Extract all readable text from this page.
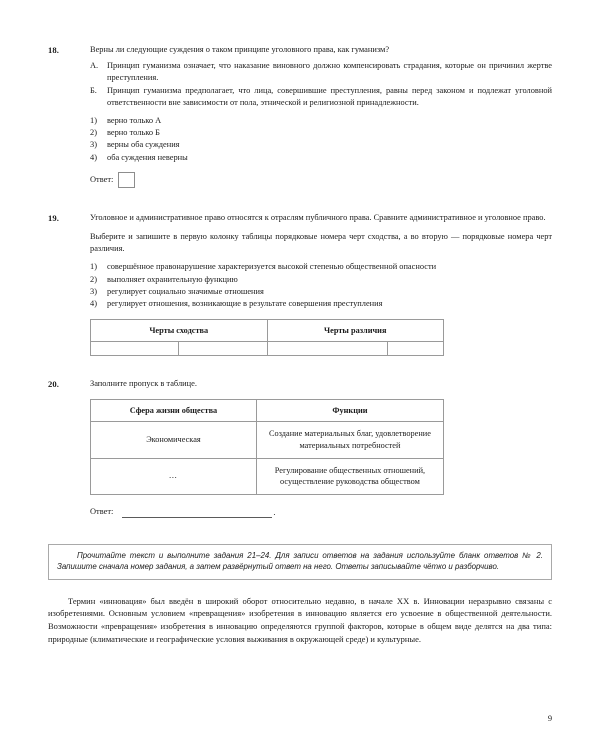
18.	Верны ли следующие суждения о таком принципе уголовного права, как гуманизм?

А. Принцип гуманизма означает, что наказание виновного должно компенсировать страдания, которые он причинил жертве преступления.
Б. Принцип гуманизма предполагает, что лица, совершившие преступления, равны перед законом и подлежат уголовной ответственности вне зависимости от пола, этнической и религиозной принадлежности.
1) верно только А
2) верно только Б
3) верны оба суждения
4) оба суждения неверны
Ответ:
19.	Уголовное и административное право относятся к отраслям публичного права. Сравните административное и уголовное право.

Выберите и запишите в первую колонку таблицы порядковые номера черт сходства, а во вторую — порядковые номера черт различия.

1) совершённое правонарушение характеризуется высокой степенью общественной опасности
2) выполняет охранительную функцию
3) регулирует социально значимые отношения
4) регулирует отношения, возникающие в результате совершения преступления
Черты сходства		Черты различия	

20.	Заполните пропуск в таблице.

Сфера жизни общества	Функции
Экономическая	Создание материальных благ, удовлетворение материальных потребностей
…	Регулирование общественных отношений, осуществление руководства обществом
Ответ:	.

Прочитайте текст и выполните задания 21–24. Для записи ответов на задания используйте бланк ответов № 2. Запишите сначала номер задания, а затем развёрнутый ответ на него. Ответы записывайте чётко и разборчиво.

Термин «инновация» был введён в широкий оборот относительно недавно, в начале XX в. Инновации неразрывно связаны с изобретениями. Основным условием «превращения» изобретения в инновацию является его усвоение в общественной деятельности. Возможности «превращения» изобретения в инновацию определяются группой факторов, которые в общем виде делятся на два типа: природные (климатические и географические условия выживания в окружающей среде) и культурные.

9
